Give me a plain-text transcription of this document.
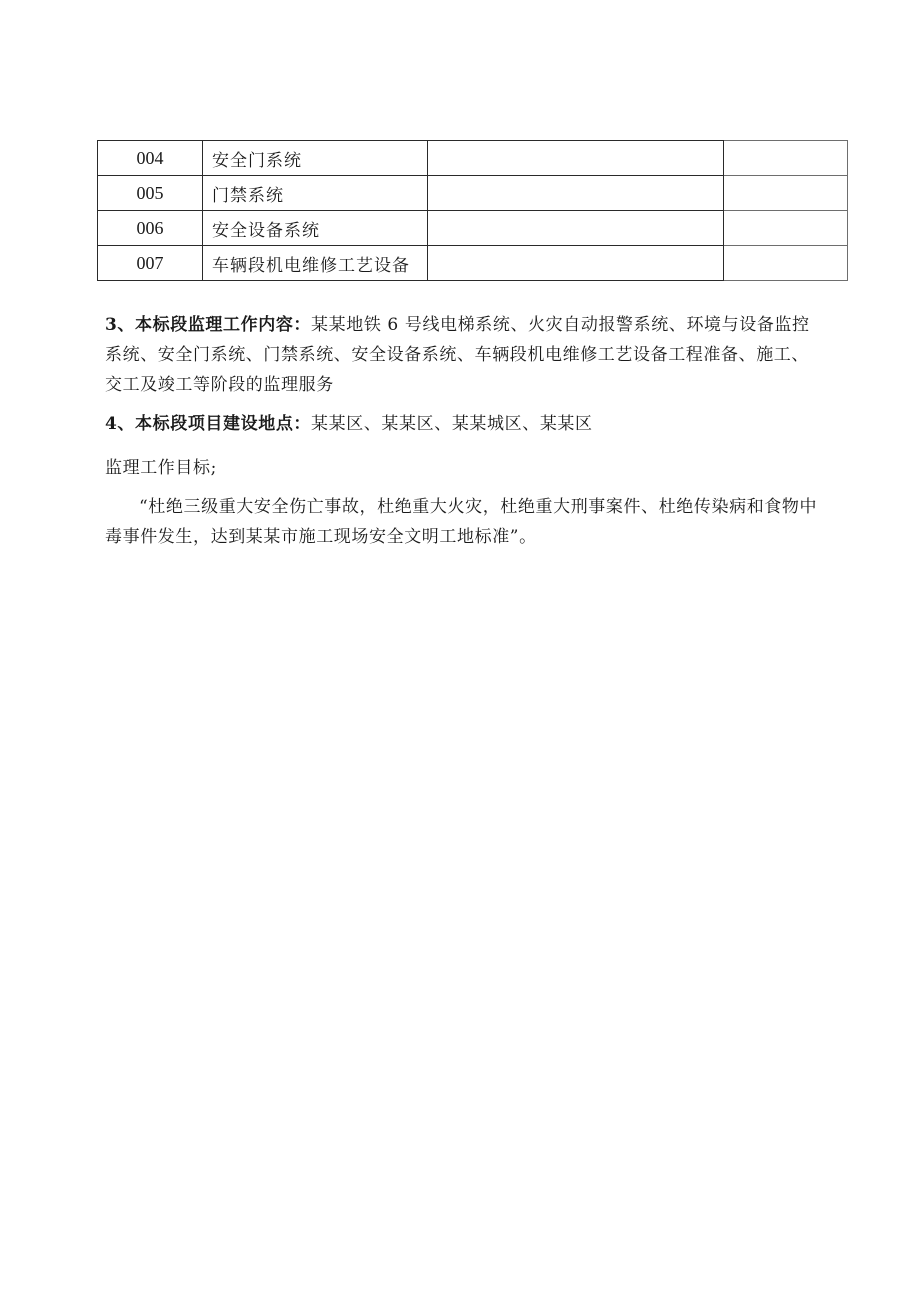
004	安全门系统		
005	门禁系统		
006	安全设备系统		
007	车辆段机电维修工艺设备		

3、本标段监理工作内容：某某地铁 6 号线电梯系统、火灾自动报警系统、环境与设备监控系统、安全门系统、门禁系统、安全设备系统、车辆段机电维修工艺设备工程准备、施工、交工及竣工等阶段的监理服务

4、本标段项目建设地点：某某区、某某区、某某城区、某某区

监理工作目标;

“杜绝三级重大安全伤亡事故，杜绝重大火灾，杜绝重大刑事案件、杜绝传染病和食物中毒事件发生，达到某某市施工现场安全文明工地标准”。
